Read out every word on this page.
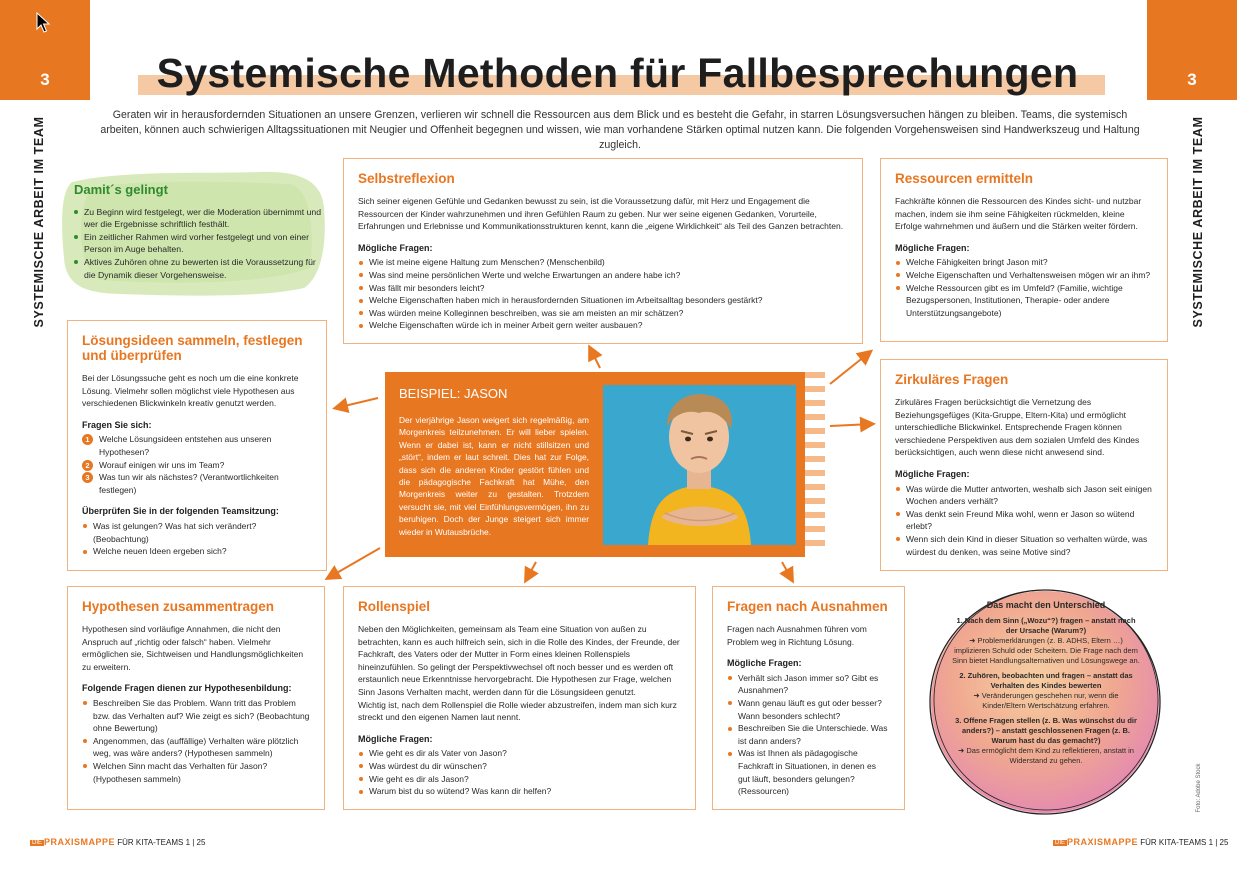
3	3
SYSTEMISCHE ARBEIT IM TEAM	SYSTEMISCHE ARBEIT IM TEAM
Systemische Methoden für Fallbesprechungen

Geraten wir in herausfordernden Situationen an unsere Grenzen, verlieren wir schnell die Ressourcen aus dem Blick und es besteht die Gefahr, in starren Lösungsversuchen hängen zu bleiben. Teams, die systemisch arbeiten, können auch schwierigen Alltagssituationen mit Neugier und Offenheit begegnen und wissen, wie man vorhandene Stärken optimal nutzen kann. Die folgenden Vorgehensweisen sind Handwerkszeug und Haltung zugleich.

Damit´s gelingt
Zu Beginn wird festgelegt, wer die Moderation übernimmt und wer die Ergebnisse schriftlich festhält.
Ein zeitlicher Rahmen wird vorher festgelegt und von einer Person im Auge behalten.
Aktives Zuhören ohne zu bewerten ist die Voraussetzung für die Dynamik dieser Vorgehensweise.
Selbstreflexion

Sich seiner eigenen Gefühle und Gedanken bewusst zu sein, ist die Voraussetzung dafür, mit Herz und Engagement die Ressourcen der Kinder wahrzunehmen und ihren Gefühlen Raum zu geben. Nur wer seine eigenen Gedanken, Vorurteile, Erfahrungen und Erlebnisse und Kommunikationsstrukturen kennt, kann die „eigene Wirklichkeit“ als Teil des Ganzen betrachten.

Mögliche Fragen:
Wie ist meine eigene Haltung zum Menschen? (Menschenbild)
Was sind meine persönlichen Werte und welche Erwartungen an andere habe ich?
Was fällt mir besonders leicht?
Welche Eigenschaften haben mich in herausfordernden Situationen im Arbeitsalltag besonders gestärkt?
Was würden meine Kolleginnen beschreiben, was sie am meisten an mir schätzen?
Welche Eigenschaften würde ich in meiner Arbeit gern weiter ausbauen?
Ressourcen ermitteln

Fachkräfte können die Ressourcen des Kindes sicht- und nutzbar machen, indem sie ihm seine Fähigkeiten rückmelden, kleine Erfolge wahrnehmen und äußern und die Stärken weiter fördern.

Mögliche Fragen:
Welche Fähigkeiten bringt Jason mit?
Welche Eigenschaften und Verhaltensweisen mögen wir an ihm?
Welche Ressourcen gibt es im Umfeld? (Familie, wichtige Bezugspersonen, Institutionen, Therapie- oder andere Unterstützungsangebote)
Lösungsideen sammeln, festlegen und überprüfen

Bei der Lösungssuche geht es noch um die eine konkrete Lösung. Vielmehr sollen möglichst viele Hypothesen aus verschiedenen Blickwinkeln kreativ genutzt werden.

Fragen Sie sich:
1	Welche Lösungsideen entstehen aus unseren Hypothesen?
2	Worauf einigen wir uns im Team?
3	Was tun wir als nächstes? (Verantwortlichkeiten festlegen)
Überprüfen Sie in der folgenden Teamsitzung:
Was ist gelungen? Was hat sich verändert? (Beobachtung)
Welche neuen Ideen ergeben sich?
BEISPIEL: JASON

Der vierjährige Jason weigert sich regelmäßig, am Morgenkreis teilzunehmen. Er will lieber spielen. Wenn er dabei ist, kann er nicht stillsitzen und „stört“, indem er laut schreit. Dies hat zur Folge, dass sich die anderen Kinder gestört fühlen und die pädagogische Fachkraft hat Mühe, den Morgenkreis weiter zu gestalten. Trotzdem versucht sie, mit viel Einfühlungsvermögen, ihn zu beruhigen. Doch der Junge steigert sich immer wieder in Wutausbrüche.

Zirkuläres Fragen

Zirkuläres Fragen berücksichtigt die Vernetzung des Beziehungsgefüges (Kita-Gruppe, Eltern-Kita) und ermöglicht unterschiedliche Blickwinkel. Entsprechende Fragen können verschiedene Perspektiven aus dem sozialen Umfeld des Kindes berücksichtigen, auch wenn diese nicht anwesend sind.

Mögliche Fragen:
Was würde die Mutter antworten, weshalb sich Jason seit einigen Wochen anders verhält?
Was denkt sein Freund Mika wohl, wenn er Jason so wütend erlebt?
Wenn sich dein Kind in dieser Situation so verhalten würde, was würdest du denken, was seine Motive sind?
Hypothesen zusammentragen

Hypothesen sind vorläufige Annahmen, die nicht den Anspruch auf „richtig oder falsch“ haben. Vielmehr ermöglichen sie, Sichtweisen und Handlungsmöglichkeiten zu erweitern.

Folgende Fragen dienen zur Hypothesenbildung:
Beschreiben Sie das Problem. Wann tritt das Problem bzw. das Verhalten auf? Wie zeigt es sich? (Beobachtung ohne Bewertung)
Angenommen, das (auffällige) Verhalten wäre plötzlich weg, was wäre anders? (Hypothesen sammeln)
Welchen Sinn macht das Verhalten für Jason? (Hypothesen sammeln)
Rollenspiel

Neben den Möglichkeiten, gemeinsam als Team eine Situation von außen zu betrachten, kann es auch hilfreich sein, sich in die Rolle des Kindes, der Freunde, der Fachkraft, des Vaters oder der Mutter in Form eines kleinen Rollenspiels hineinzufühlen. So gelingt der Perspektivwechsel oft noch besser und es werden oft erstaunlich neue Erkenntnisse hervorgebracht. Die Hypothesen zur Frage, welchen Sinn Jasons Verhalten macht, werden dann für die Lösungsideen genutzt.

Wichtig ist, nach dem Rollenspiel die Rolle wieder abzustreifen, indem man sich kurz streckt und den eigenen Namen laut nennt.

Mögliche Fragen:
Wie geht es dir als Vater von Jason?
Was würdest du dir wünschen?
Wie geht es dir als Jason?
Warum bist du so wütend? Was kann dir helfen?
Fragen nach Ausnahmen

Fragen nach Ausnahmen führen vom Problem weg in Richtung Lösung.

Mögliche Fragen:
Verhält sich Jason immer so? Gibt es Ausnahmen?
Wann genau läuft es gut oder besser? Wann besonders schlecht?
Beschreiben Sie die Unterschiede. Was ist dann anders?
Was ist Ihnen als pädagogische Fachkraft in Situationen, in denen es gut läuft, besonders gelungen? (Ressourcen)
Das macht den Unterschied
1. Nach dem Sinn („Wozu“?) fragen – anstatt nach der Ursache (Warum?)
➜ Problemerklärungen (z. B. ADHS, Eltern …) implizieren Schuld oder Scheitern. Die Frage nach dem Sinn bietet Handlungsalternativen und Lösungswege an.
2. Zuhören, beobachten und fragen – anstatt das Verhalten des Kindes bewerten
➜ Veränderungen geschehen nur, wenn die Kinder/Eltern Wertschätzung erfahren.
3. Offene Fragen stellen (z. B. Was wünschst du dir anders?) – anstatt geschlossenen Fragen (z. B. Warum hast du das gemacht?)
➜ Das ermöglicht dem Kind zu reflektieren, anstatt in Widerstand zu gehen.
Foto: Adobe Stock
DIE PRAXISMAPPE FÜR KITA-TEAMS 1 | 25	DIE PRAXISMAPPE FÜR KITA-TEAMS 1 | 25
